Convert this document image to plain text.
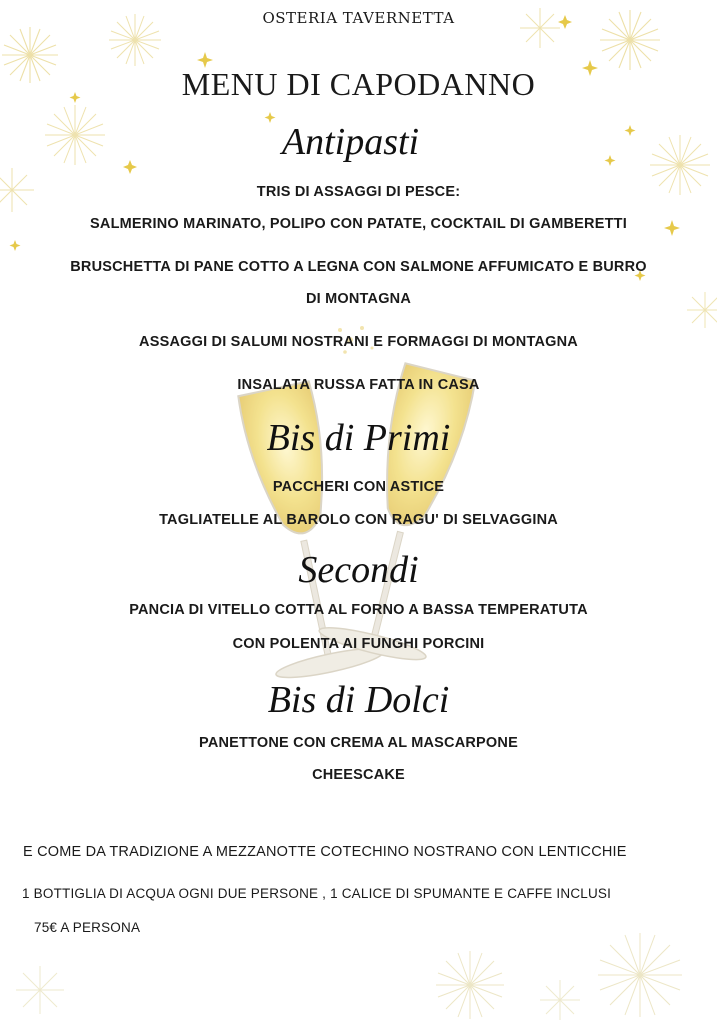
OSTERIA TAVERNETTA
MENU DI CAPODANNO
Antipasti
TRIS DI ASSAGGI DI PESCE:
SALMERINO MARINATO, POLIPO CON PATATE, COCKTAIL DI GAMBERETTI
BRUSCHETTA DI PANE COTTO A LEGNA CON SALMONE AFFUMICATO E BURRO
DI MONTAGNA
ASSAGGI DI SALUMI NOSTRANI E FORMAGGI DI MONTAGNA
INSALATA RUSSA FATTA IN CASA
Bis di Primi
PACCHERI CON ASTICE
TAGLIATELLE AL BAROLO CON RAGU' DI SELVAGGINA
Secondi
PANCIA DI VITELLO COTTA AL FORNO A BASSA TEMPERATUTA
CON POLENTA AI FUNGHI PORCINI
Bis di Dolci
PANETTONE CON CREMA AL MASCARPONE
CHEESCAKE
E COME DA TRADIZIONE A MEZZANOTTE COTECHINO NOSTRANO CON LENTICCHIE
1 BOTTIGLIA DI ACQUA OGNI DUE PERSONE , 1 CALICE DI SPUMANTE E CAFFE INCLUSI
75€ A PERSONA
